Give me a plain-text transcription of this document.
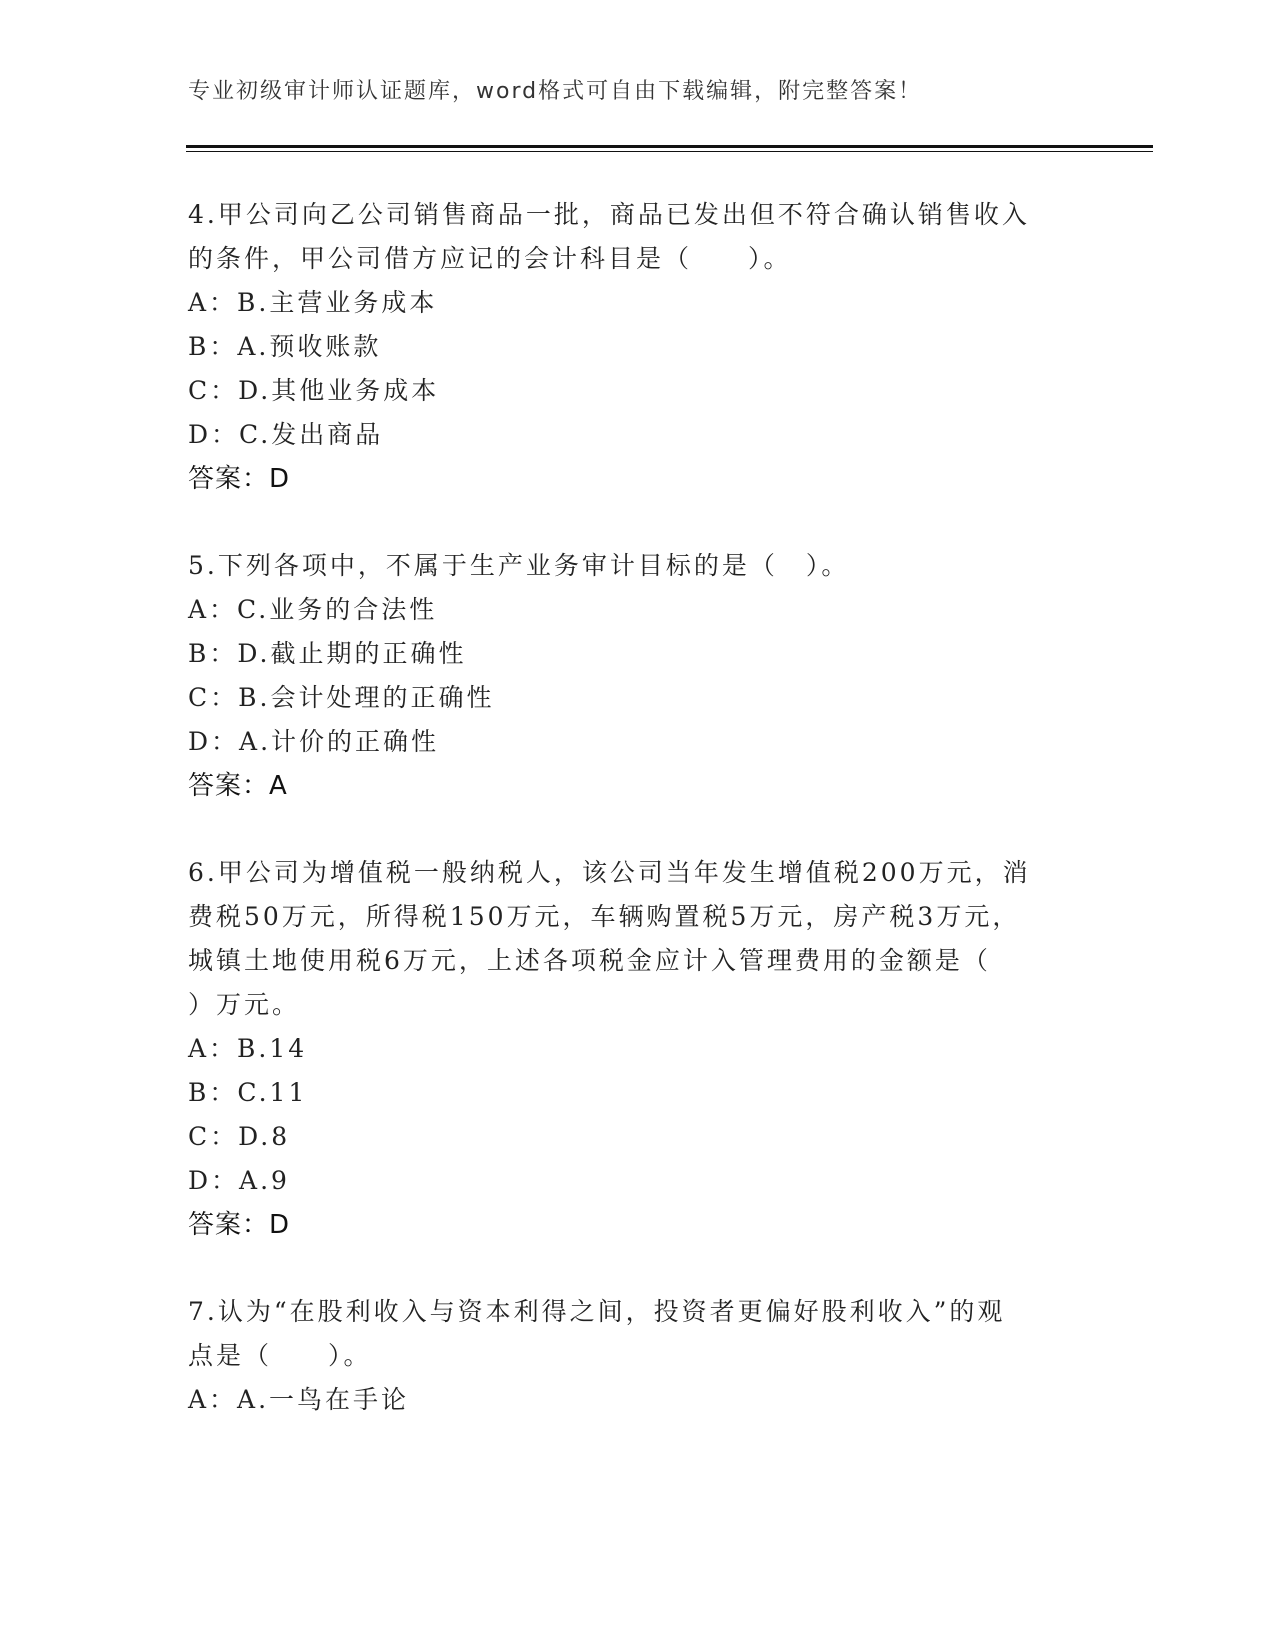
专业初级审计师认证题库，word格式可自由下载编辑，附完整答案！
4.甲公司向乙公司销售商品一批，商品已发出但不符合确认销售收入
的条件，甲公司借方应记的会计科目是（　　）。
A：B.主营业务成本
B：A.预收账款
C：D.其他业务成本
D：C.发出商品
答案：D
5.下列各项中，不属于生产业务审计目标的是（　）。
A：C.业务的合法性
B：D.截止期的正确性
C：B.会计处理的正确性
D：A.计价的正确性
答案：A
6.甲公司为增值税一般纳税人，该公司当年发生增值税200万元，消
费税50万元，所得税150万元，车辆购置税5万元，房产税3万元，
城镇土地使用税6万元，上述各项税金应计入管理费用的金额是（
）万元。
A：B.14
B：C.11
C：D.8
D：A.9
答案：D
7.认为“在股利收入与资本利得之间，投资者更偏好股利收入”的观
点是（　　）。
A：A.一鸟在手论
